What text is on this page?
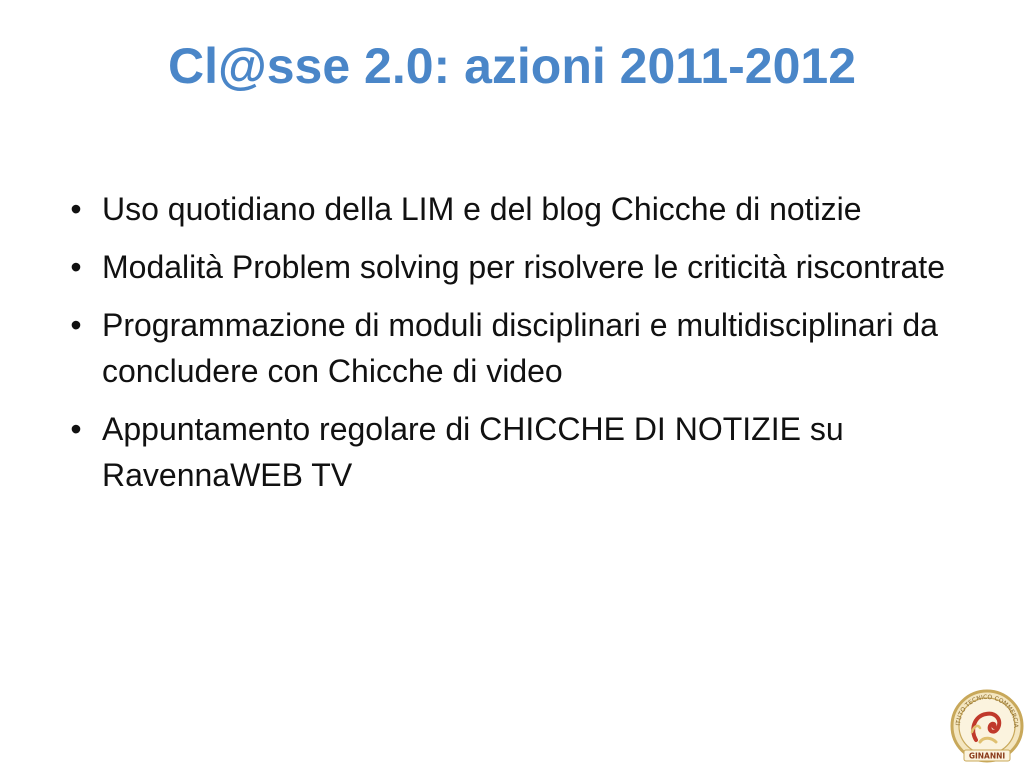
Cl@sse 2.0: azioni 2011-2012
• Uso quotidiano della LIM e del blog Chicche di notizie
• Modalità Problem solving per risolvere le criticità riscontrate
• Programmazione di moduli disciplinari e multidisciplinari da concludere con Chicche di video
• Appuntamento regolare di CHICCHE DI NOTIZIE su RavennaWEB TV
ITUTO TECNICO COMMERCIA
GINANNI
